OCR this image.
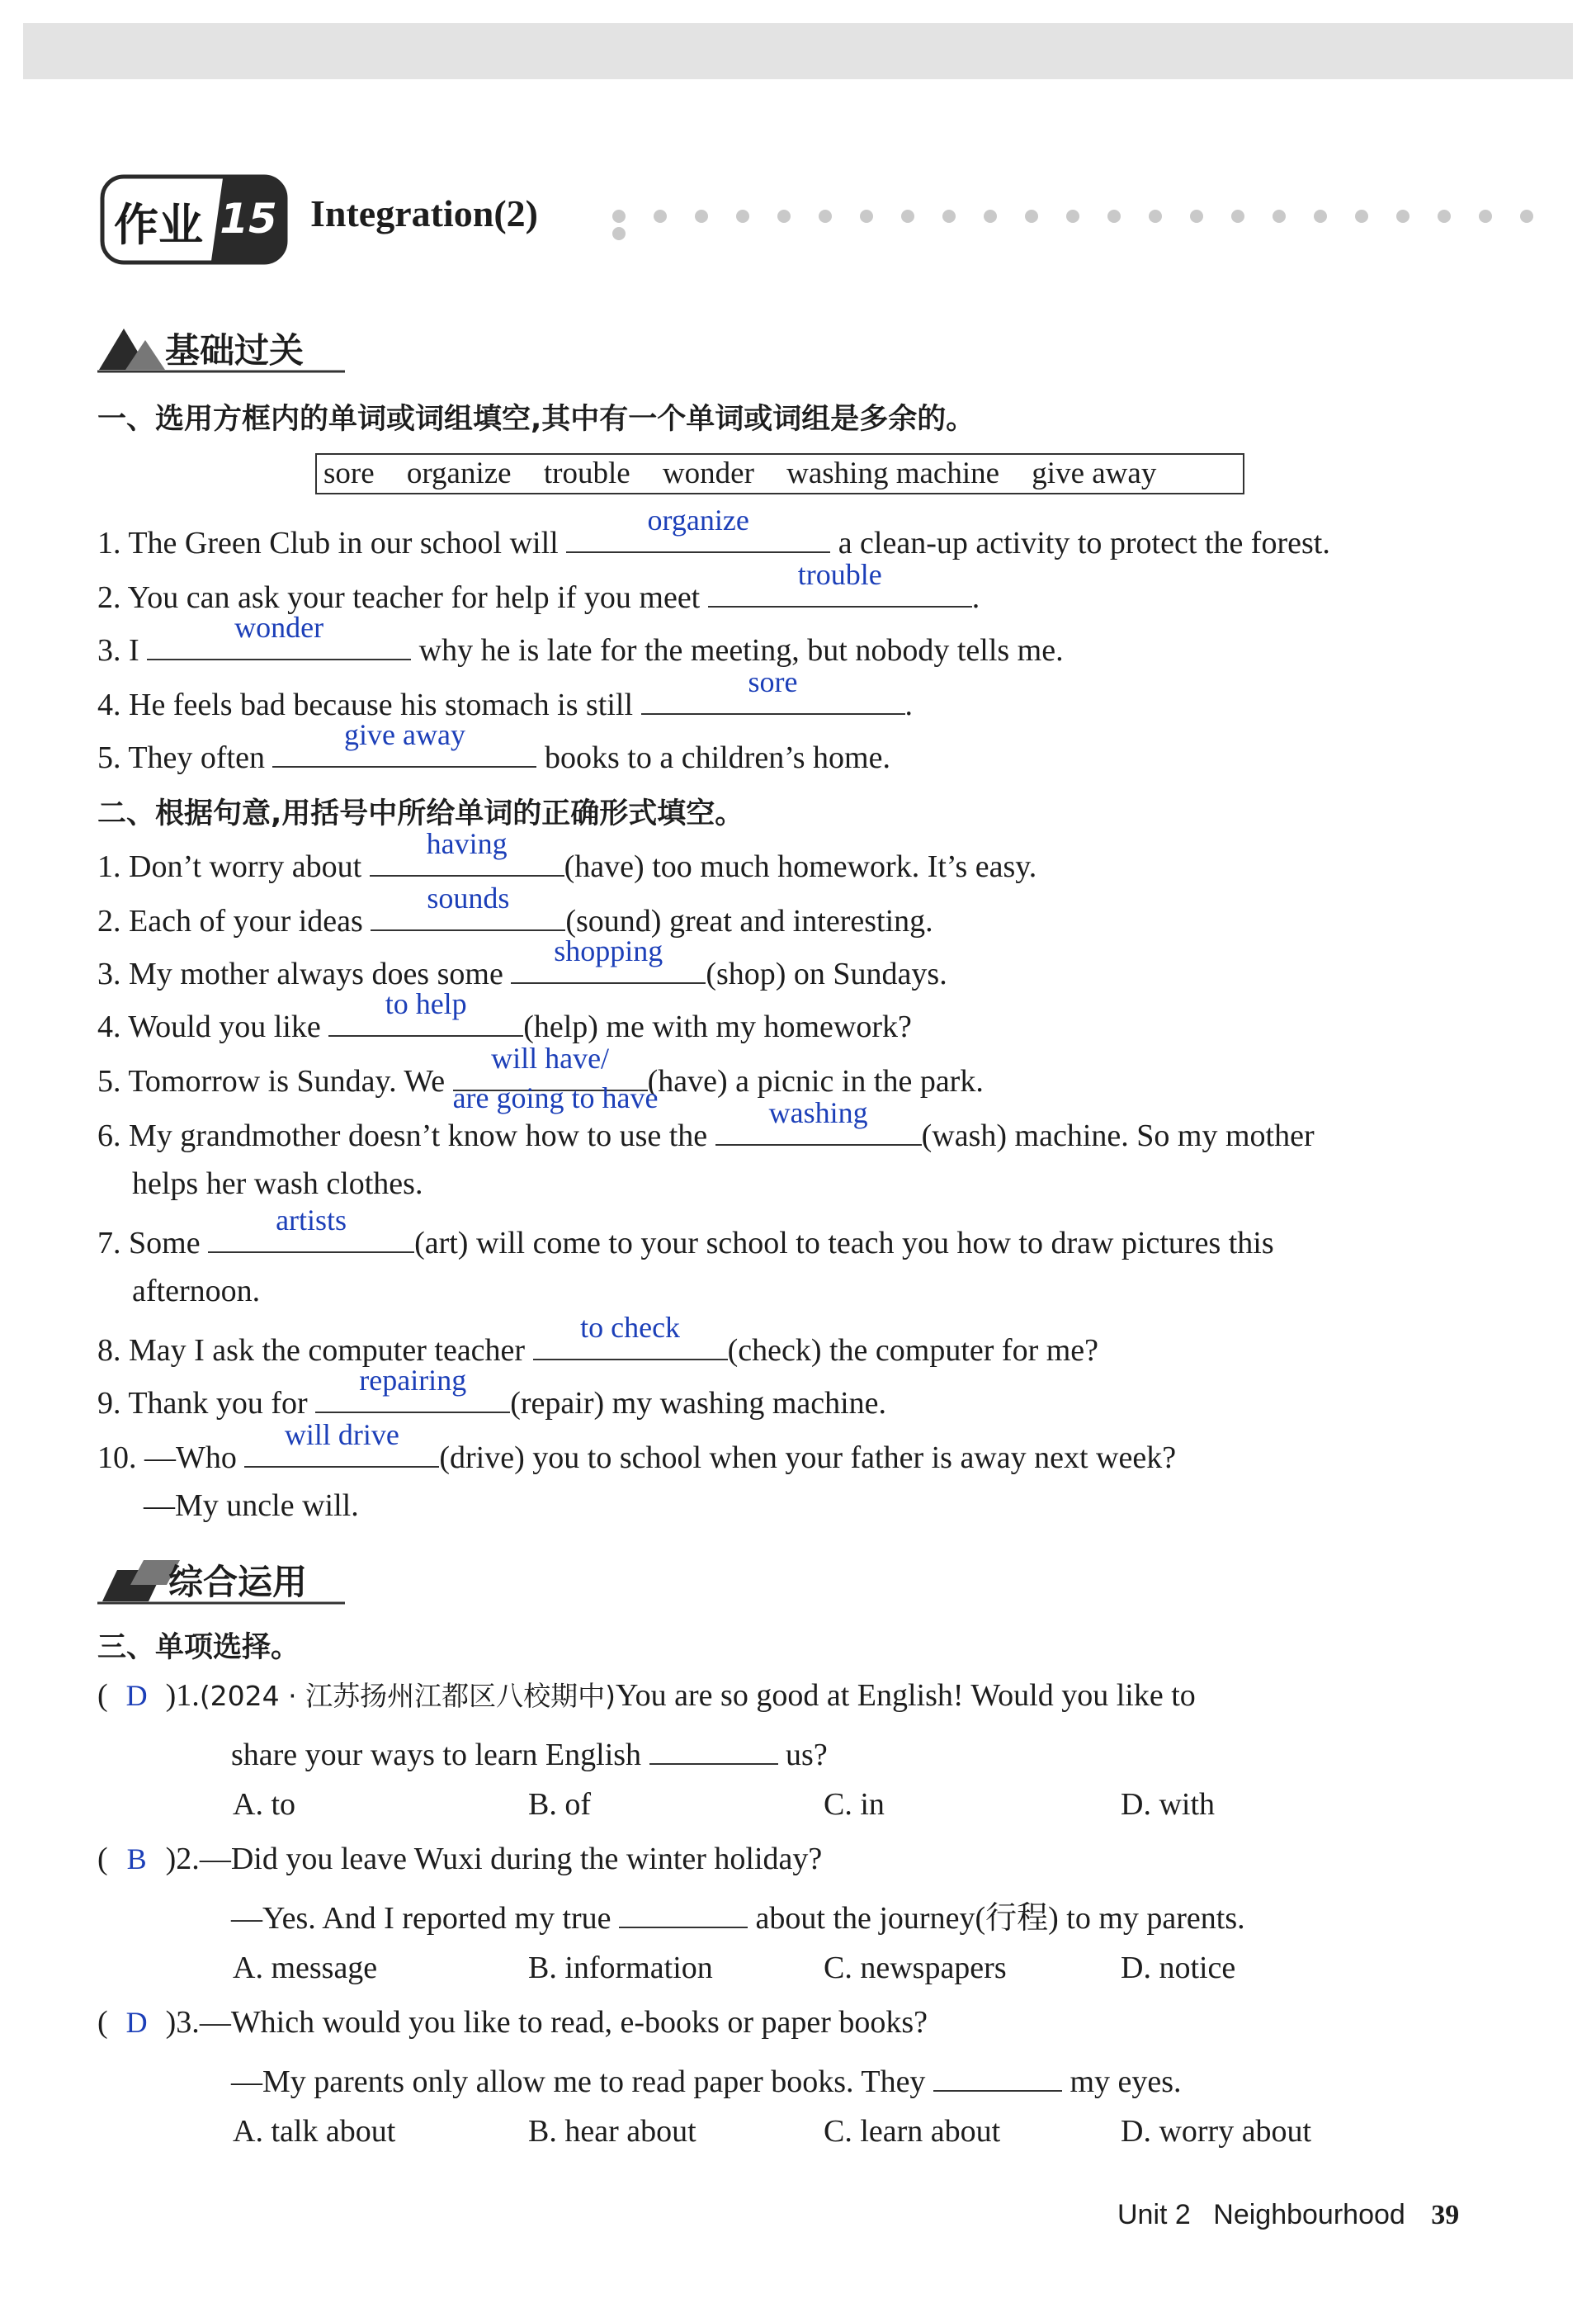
作业 15 Integration(2)
基础过关
一、选用方框内的单词或词组填空,其中有一个单词或词组是多余的。
sore organize trouble wonder washing machine give away
1. The Green Club in our school will
organize
a clean-up activity to protect the forest.
2. You can ask your teacher for help if you meet
trouble
.
3. I
wonder
why he is late for the meeting, but nobody tells me.
4. He feels bad because his stomach is still
sore
.
5. They often
give away
books to a children’s home.
二、根据句意,用括号中所给单词的正确形式填空。
1. Don’t worry about
having
(have) too much homework. It’s easy.
2. Each of your ideas
sounds
(sound) great and interesting.
3. My mother always does some
shopping
(shop) on Sundays.
4. Would you like
to help
(help) me with my homework?
5. Tomorrow is Sunday. We
will have/
are going to have
(have) a picnic in the park.
6. My grandmother doesn’t know how to use the
washing
(wash) machine. So my mother
helps her wash clothes.
7. Some
artists
(art) will come to your school to teach you how to draw pictures this
afternoon.
8. May I ask the computer teacher
to check
(check) the computer for me?
9. Thank you for
repairing
(repair) my washing machine.
10. —Who
will drive
(drive) you to school when your father is away next week?
—My uncle will.
综合运用
三、单项选择。
( D )1.(2024 · 江苏扬州江都区八校期中)You are so good at English! Would you like to
share your ways to learn English	us?
A. to	B. of	C. in	D. with
( B )2.—Did you leave Wuxi during the winter holiday?
—Yes. And I reported my true	about the journey(行程) to my parents.
A. message	B. information	C. newspapers	D. notice
( D )3.—Which would you like to read, e-books or paper books?
—My parents only allow me to read paper books. They	my eyes.
A. talk about	B. hear about	C. learn about	D. worry about
Unit 2 Neighbourhood 39
